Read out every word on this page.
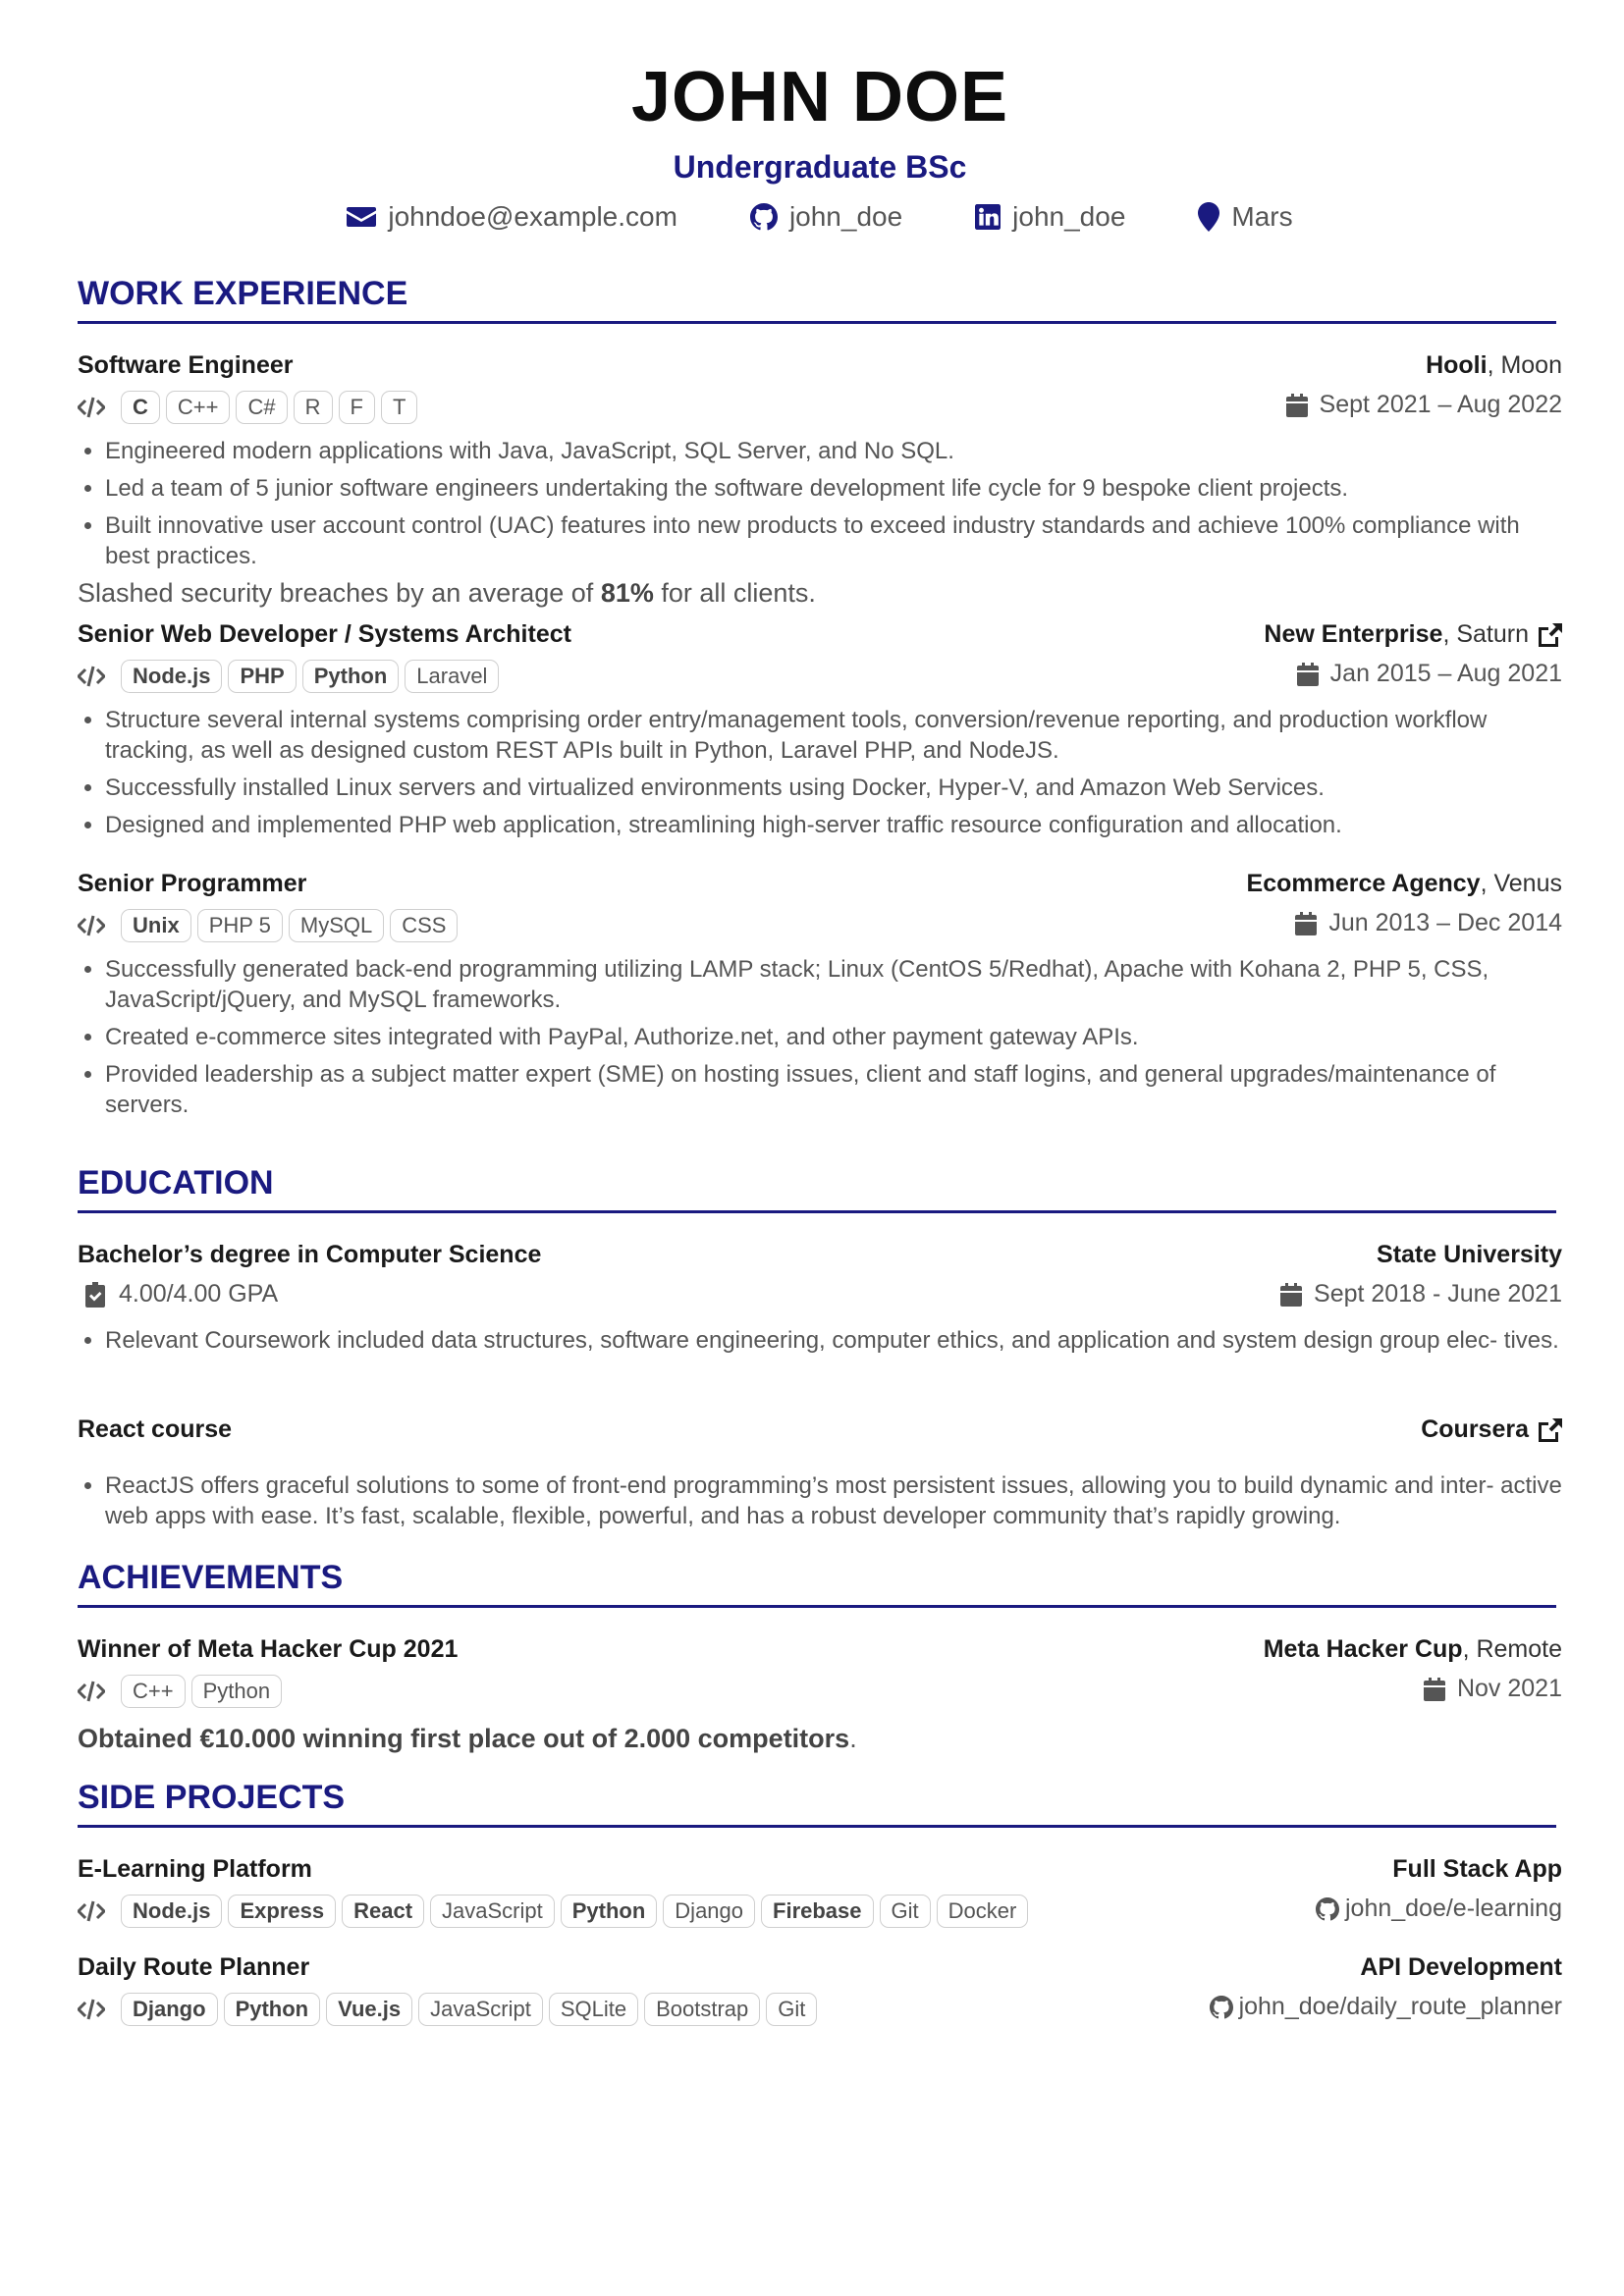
JOHN DOE
Undergraduate BSc
johndoe@example.com	john_doe	john_doe	Mars
WORK EXPERIENCE
Software Engineer	Hooli, Moon
C	C++	C#	R	F	T	Sept 2021 – Aug 2022
• Engineered modern applications with Java, JavaScript, SQL Server, and No SQL.
• Led a team of 5 junior software engineers undertaking the software development life cycle for 9 bespoke client projects.
• Built innovative user account control (UAC) features into new products to exceed industry standards and achieve 100% compliance with best practices.
Slashed security breaches by an average of 81% for all clients.
Senior Web Developer / Systems Architect	New Enterprise, Saturn
Node.js	PHP	Python	Laravel	Jan 2015 – Aug 2021
• Structure several internal systems comprising order entry/management tools, conversion/revenue reporting, and production workflow tracking, as well as designed custom REST APIs built in Python, Laravel PHP, and NodeJS.
• Successfully installed Linux servers and virtualized environments using Docker, Hyper-V, and Amazon Web Services.
• Designed and implemented PHP web application, streamlining high-server traffic resource configuration and allocation.
Senior Programmer	Ecommerce Agency, Venus
Unix	PHP 5	MySQL	CSS	Jun 2013 – Dec 2014
• Successfully generated back-end programming utilizing LAMP stack; Linux (CentOS 5/Redhat), Apache with Kohana 2, PHP 5, CSS, JavaScript/jQuery, and MySQL frameworks.
• Created e-commerce sites integrated with PayPal, Authorize.net, and other payment gateway APIs.
• Provided leadership as a subject matter expert (SME) on hosting issues, client and staff logins, and general upgrades/maintenance of servers.
EDUCATION
Bachelor’s degree in Computer Science	State University
4.00/4.00 GPA	Sept 2018 - June 2021
• Relevant Coursework included data structures, software engineering, computer ethics, and application and system design group elec- tives.
React course	Coursera
• ReactJS offers graceful solutions to some of front-end programming’s most persistent issues, allowing you to build dynamic and inter- active web apps with ease. It’s fast, scalable, flexible, powerful, and has a robust developer community that’s rapidly growing.
ACHIEVEMENTS
Winner of Meta Hacker Cup 2021	Meta Hacker Cup, Remote
C++	Python	Nov 2021
Obtained €10.000 winning first place out of 2.000 competitors.
SIDE PROJECTS
E-Learning Platform	Full Stack App
Node.js	Express	React	JavaScript	Python	Django	Firebase	Git	Docker	john_doe/e-learning
Daily Route Planner	API Development
Django	Python	Vue.js	JavaScript	SQLite	Bootstrap	Git	john_doe/daily_route_planner
